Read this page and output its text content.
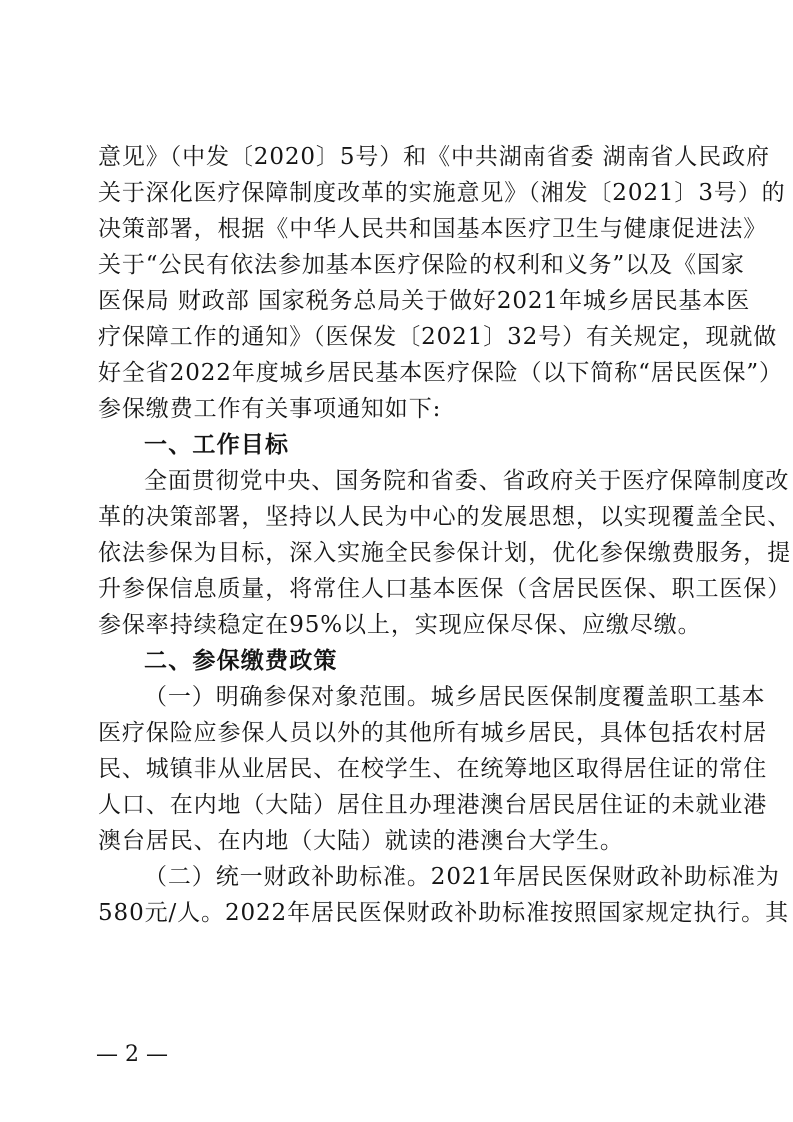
意见》（中发〔2020〕5号）和《中共湖南省委 湖南省人民政府
关于深化医疗保障制度改革的实施意见》（湘发〔2021〕3号）的
决策部署，根据《中华人民共和国基本医疗卫生与健康促进法》
关于“公民有依法参加基本医疗保险的权利和义务”以及《国家
医保局 财政部 国家税务总局关于做好2021年城乡居民基本医
疗保障工作的通知》（医保发〔2021〕32号）有关规定，现就做
好全省2022年度城乡居民基本医疗保险（以下简称“居民医保”）
参保缴费工作有关事项通知如下:
一、工作目标
全面贯彻党中央、国务院和省委、省政府关于医疗保障制度改
革的决策部署，坚持以人民为中心的发展思想，以实现覆盖全民、
依法参保为目标，深入实施全民参保计划，优化参保缴费服务，提
升参保信息质量，将常住人口基本医保（含居民医保、职工医保）
参保率持续稳定在95%以上，实现应保尽保、应缴尽缴。
二、参保缴费政策
（一）明确参保对象范围。城乡居民医保制度覆盖职工基本
医疗保险应参保人员以外的其他所有城乡居民，具体包括农村居
民、城镇非从业居民、在校学生、在统筹地区取得居住证的常住
人口、在内地（大陆）居住且办理港澳台居民居住证的未就业港
澳台居民、在内地（大陆）就读的港澳台大学生。
（二）统一财政补助标准。2021年居民医保财政补助标准为
580元/人。2022年居民医保财政补助标准按照国家规定执行。其
— 2 —
